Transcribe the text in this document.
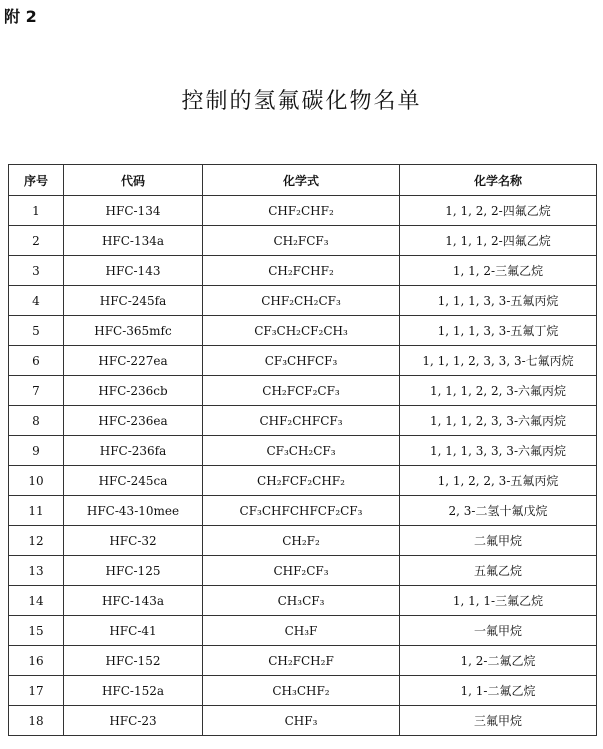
附 2
控制的氢氟碳化物名单
序号	代码	化学式	化学名称
1	HFC-134	CHF₂CHF₂	1, 1, 2, 2-四氟乙烷
2	HFC-134a	CH₂FCF₃	1, 1, 1, 2-四氟乙烷
3	HFC-143	CH₂FCHF₂	1, 1, 2-三氟乙烷
4	HFC-245fa	CHF₂CH₂CF₃	1, 1, 1, 3, 3-五氟丙烷
5	HFC-365mfc	CF₃CH₂CF₂CH₃	1, 1, 1, 3, 3-五氟丁烷
6	HFC-227ea	CF₃CHFCF₃	1, 1, 1, 2, 3, 3, 3-七氟丙烷
7	HFC-236cb	CH₂FCF₂CF₃	1, 1, 1, 2, 2, 3-六氟丙烷
8	HFC-236ea	CHF₂CHFCF₃	1, 1, 1, 2, 3, 3-六氟丙烷
9	HFC-236fa	CF₃CH₂CF₃	1, 1, 1, 3, 3, 3-六氟丙烷
10	HFC-245ca	CH₂FCF₂CHF₂	1, 1, 2, 2, 3-五氟丙烷
11	HFC-43-10mee	CF₃CHFCHFCF₂CF₃	2, 3-二氢十氟戊烷
12	HFC-32	CH₂F₂	二氟甲烷
13	HFC-125	CHF₂CF₃	五氟乙烷
14	HFC-143a	CH₃CF₃	1, 1, 1-三氟乙烷
15	HFC-41	CH₃F	一氟甲烷
16	HFC-152	CH₂FCH₂F	1, 2-二氟乙烷
17	HFC-152a	CH₃CHF₂	1, 1-二氟乙烷
18	HFC-23	CHF₃	三氟甲烷
